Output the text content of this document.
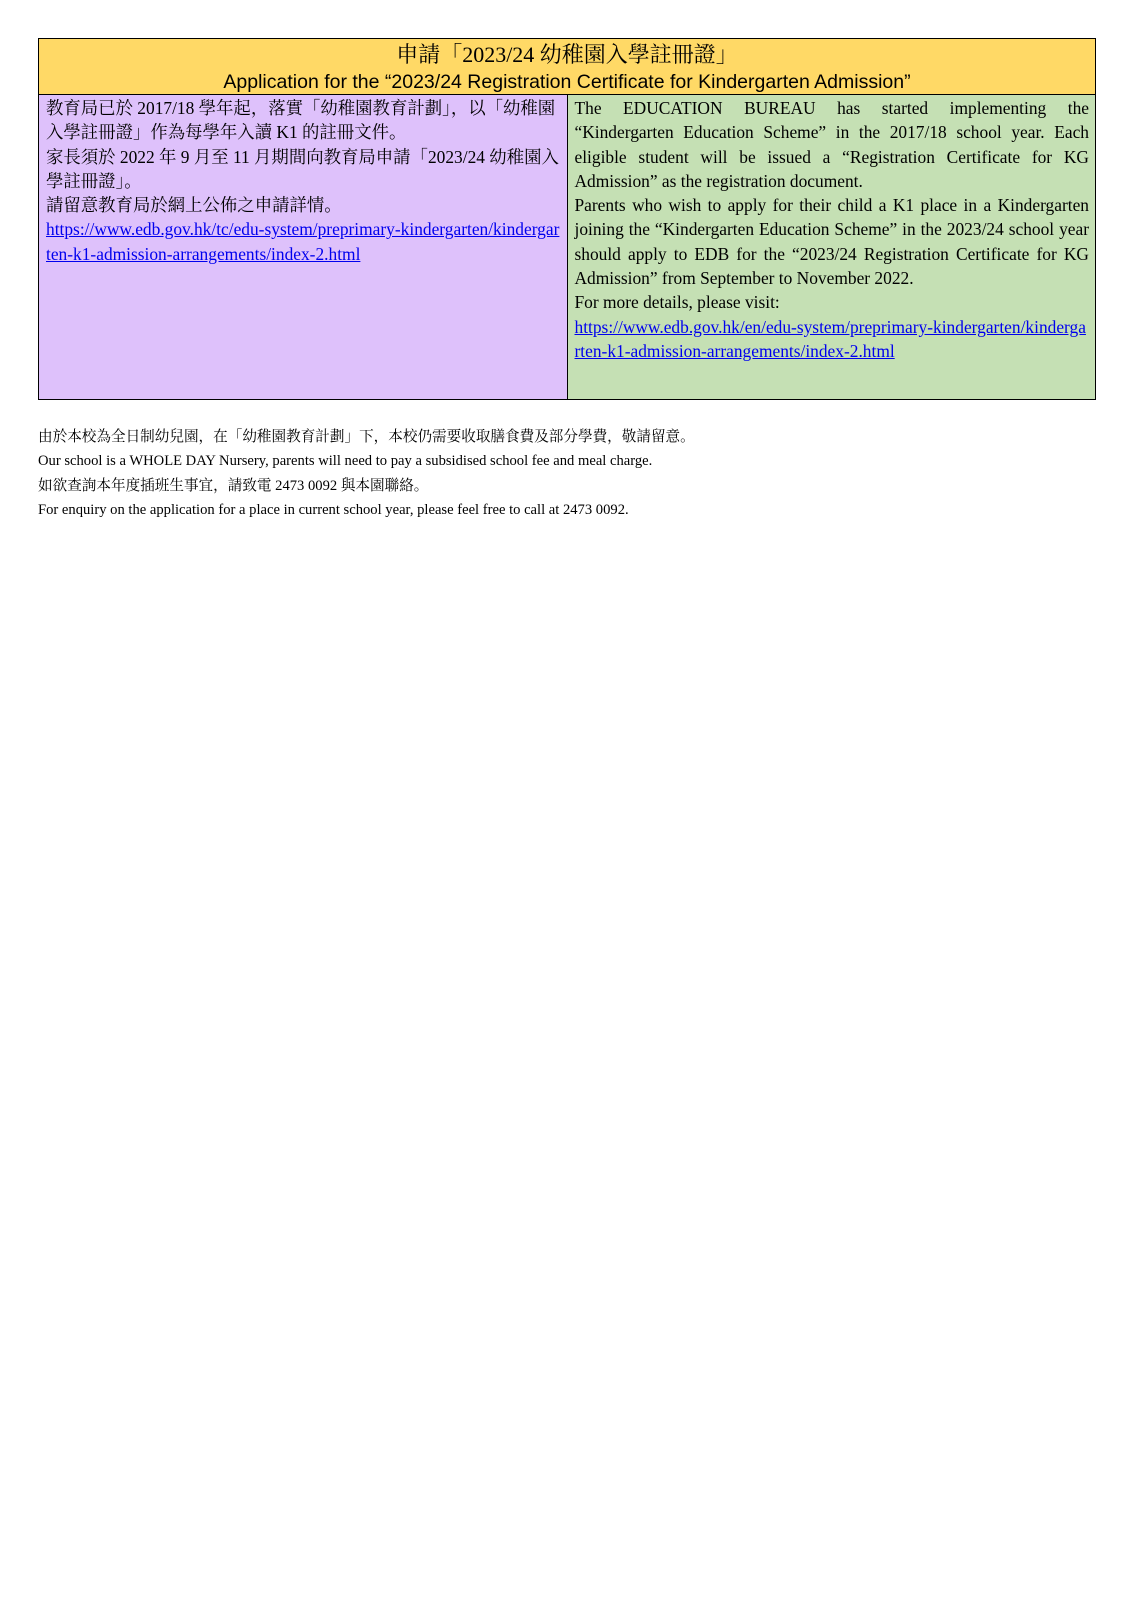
申請「2023/24 幼稚園入學註冊證」
Application for the “2023/24 Registration Certificate for Kindergarten Admission”

教育局已於 2017/18 學年起，落實「幼稚園教育計劃」，以「幼稚園入學註冊證」作為每學年入讀 K1 的註冊文件。

家長須於 2022 年 9 月至 11 月期間向教育局申請「2023/24 幼稚園入學註冊證」。

請留意教育局於網上公佈之申請詳情。

https://www.edb.gov.hk/tc/edu-system/preprimary-kindergarten/kindergarten-k1-admission-arrangements/index-2.html

The EDUCATION BUREAU has started implementing the “Kindergarten Education Scheme” in the 2017/18 school year. Each eligible student will be issued a “Registration Certificate for KG Admission” as the registration document.

Parents who wish to apply for their child a K1 place in a Kindergarten joining the “Kindergarten Education Scheme” in the 2023/24 school year should apply to EDB for the “2023/24 Registration Certificate for KG Admission” from September to November 2022.

For more details, please visit:

https://www.edb.gov.hk/en/edu-system/preprimary-kindergarten/kindergarten-k1-admission-arrangements/index-2.html

由於本校為全日制幼兒園，在「幼稚園教育計劃」下，本校仍需要收取膳食費及部分學費，敬請留意。

Our school is a WHOLE DAY Nursery, parents will need to pay a subsidised school fee and meal charge.

如欲查詢本年度插班生事宜，請致電 2473 0092 與本園聯絡。

For enquiry on the application for a place in current school year, please feel free to call at 2473 0092.
